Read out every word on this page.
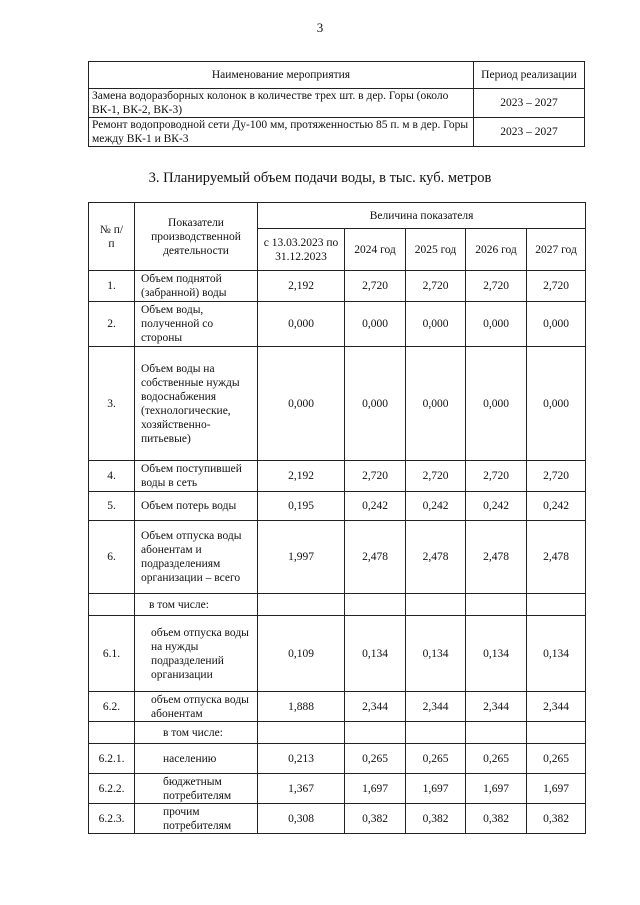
3
Наименование мероприятия	Период реализации
Замена водоразборных колонок в количестве трех шт. в дер. Горы (около ВК-1, ВК-2, ВК-3)	2023 – 2027
Ремонт водопроводной сети Ду-100 мм, протяженностью 85 п. м в дер. Горы между ВК-1 и ВК-3	2023 – 2027
3. Планируемый объем подачи воды, в тыс. куб. метров
№ п/п	Показатели производственной деятельности	Величина показателя				
		с 13.03.2023 по 31.12.2023	2024 год	2025 год	2026 год	2027 год
1.	Объем поднятой (забранной) воды	2,192	2,720	2,720	2,720	2,720
2.	Объем воды, полученной со стороны	0,000	0,000	0,000	0,000	0,000
3.	Объем воды на собственные нужды водоснабжения (технологические, хозяйственно-питьевые)	0,000	0,000	0,000	0,000	0,000
4.	Объем поступившей воды в сеть	2,192	2,720	2,720	2,720	2,720
5.	Объем потерь воды	0,195	0,242	0,242	0,242	0,242
6.	Объем отпуска воды абонентам и подразделениям организации – всего	1,997	2,478	2,478	2,478	2,478
	в том числе:					
6.1.	объем отпуска воды на нужды подразделений организации	0,109	0,134	0,134	0,134	0,134
6.2.	объем отпуска воды абонентам	1,888	2,344	2,344	2,344	2,344
	в том числе:					
6.2.1.	населению	0,213	0,265	0,265	0,265	0,265
6.2.2.	бюджетным потребителям	1,367	1,697	1,697	1,697	1,697
6.2.3.	прочим потребителям	0,308	0,382	0,382	0,382	0,382
